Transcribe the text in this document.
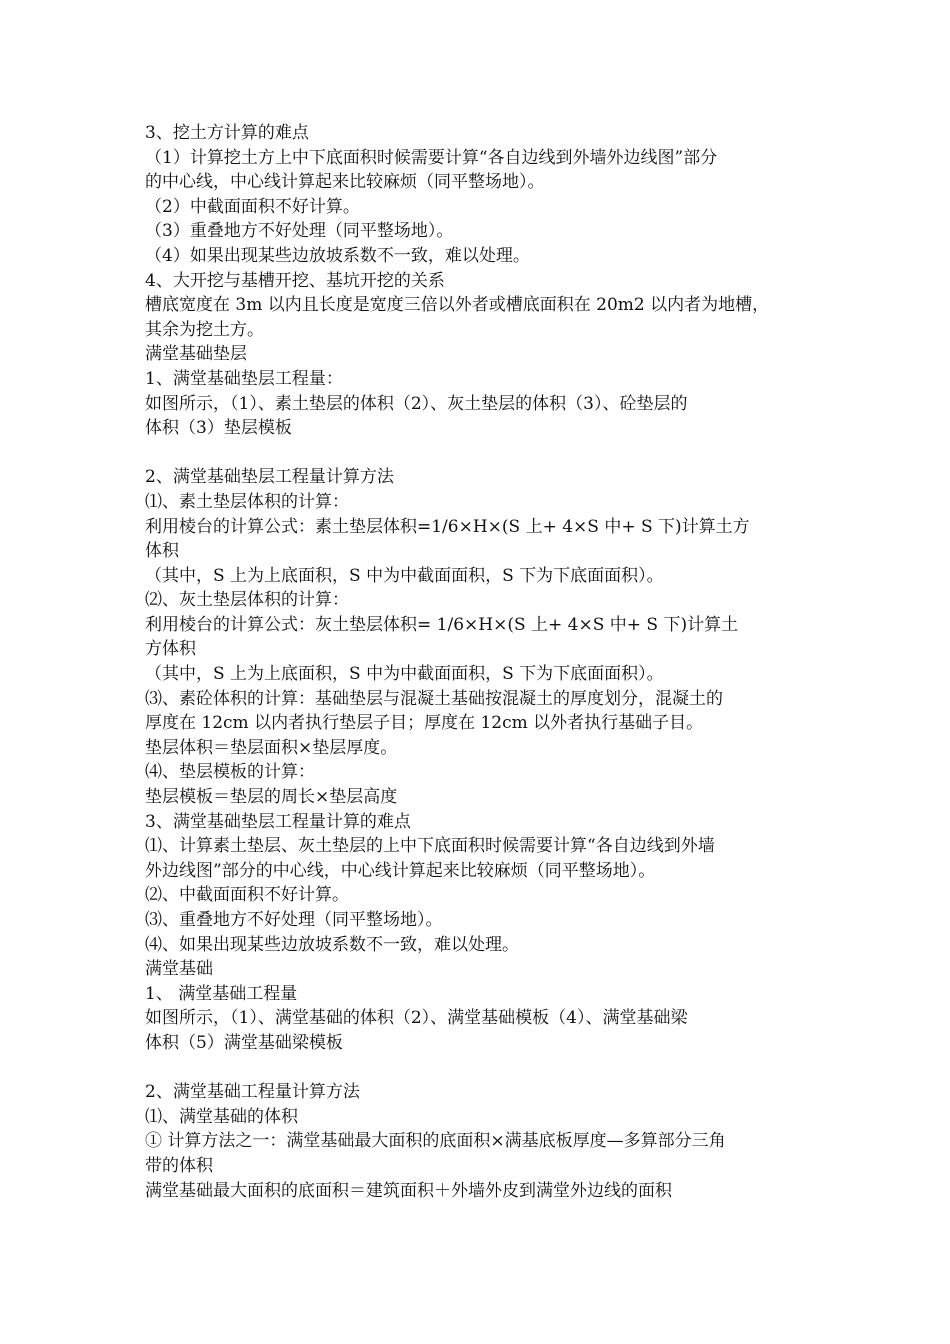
3、挖土方计算的难点
（1）计算挖土方上中下底面积时候需要计算“各自边线到外墙外边线图”部分
的中心线，中心线计算起来比较麻烦（同平整场地）。
（2）中截面面积不好计算。
（3）重叠地方不好处理（同平整场地）。
（4）如果出现某些边放坡系数不一致，难以处理。
4、大开挖与基槽开挖、基坑开挖的关系
槽底宽度在 3m 以内且长度是宽度三倍以外者或槽底面积在 20m2 以内者为地槽，
其余为挖土方。
满堂基础垫层
1、满堂基础垫层工程量：
如图所示，（1）、素土垫层的体积（2）、灰土垫层的体积（3）、砼垫层的
体积（3）垫层模板
2、满堂基础垫层工程量计算方法
⑴、素土垫层体积的计算：
利用棱台的计算公式：素土垫层体积=1/6×H×(S 上+ 4×S 中+ S 下)计算土方
体积
（其中，S 上为上底面积，S 中为中截面面积，S 下为下底面面积）。
⑵、灰土垫层体积的计算：
利用棱台的计算公式：灰土垫层体积= 1/6×H×(S 上+ 4×S 中+ S 下)计算土
方体积
（其中，S 上为上底面积，S 中为中截面面积，S 下为下底面面积）。
⑶、素砼体积的计算：基础垫层与混凝土基础按混凝土的厚度划分，混凝土的
厚度在 12cm 以内者执行垫层子目；厚度在 12cm 以外者执行基础子目。
垫层体积＝垫层面积×垫层厚度。
⑷、垫层模板的计算：
垫层模板＝垫层的周长×垫层高度
3、满堂基础垫层工程量计算的难点
⑴、计算素土垫层、灰土垫层的上中下底面积时候需要计算“各自边线到外墙
外边线图”部分的中心线，中心线计算起来比较麻烦（同平整场地）。
⑵、中截面面积不好计算。
⑶、重叠地方不好处理（同平整场地）。
⑷、如果出现某些边放坡系数不一致，难以处理。
满堂基础
1、 满堂基础工程量
如图所示，（1）、满堂基础的体积（2）、满堂基础模板（4）、满堂基础梁
体积（5）满堂基础梁模板
2、满堂基础工程量计算方法
⑴、满堂基础的体积
① 计算方法之一：满堂基础最大面积的底面积×满基底板厚度—多算部分三角
带的体积
满堂基础最大面积的底面积＝建筑面积＋外墙外皮到满堂外边线的面积
